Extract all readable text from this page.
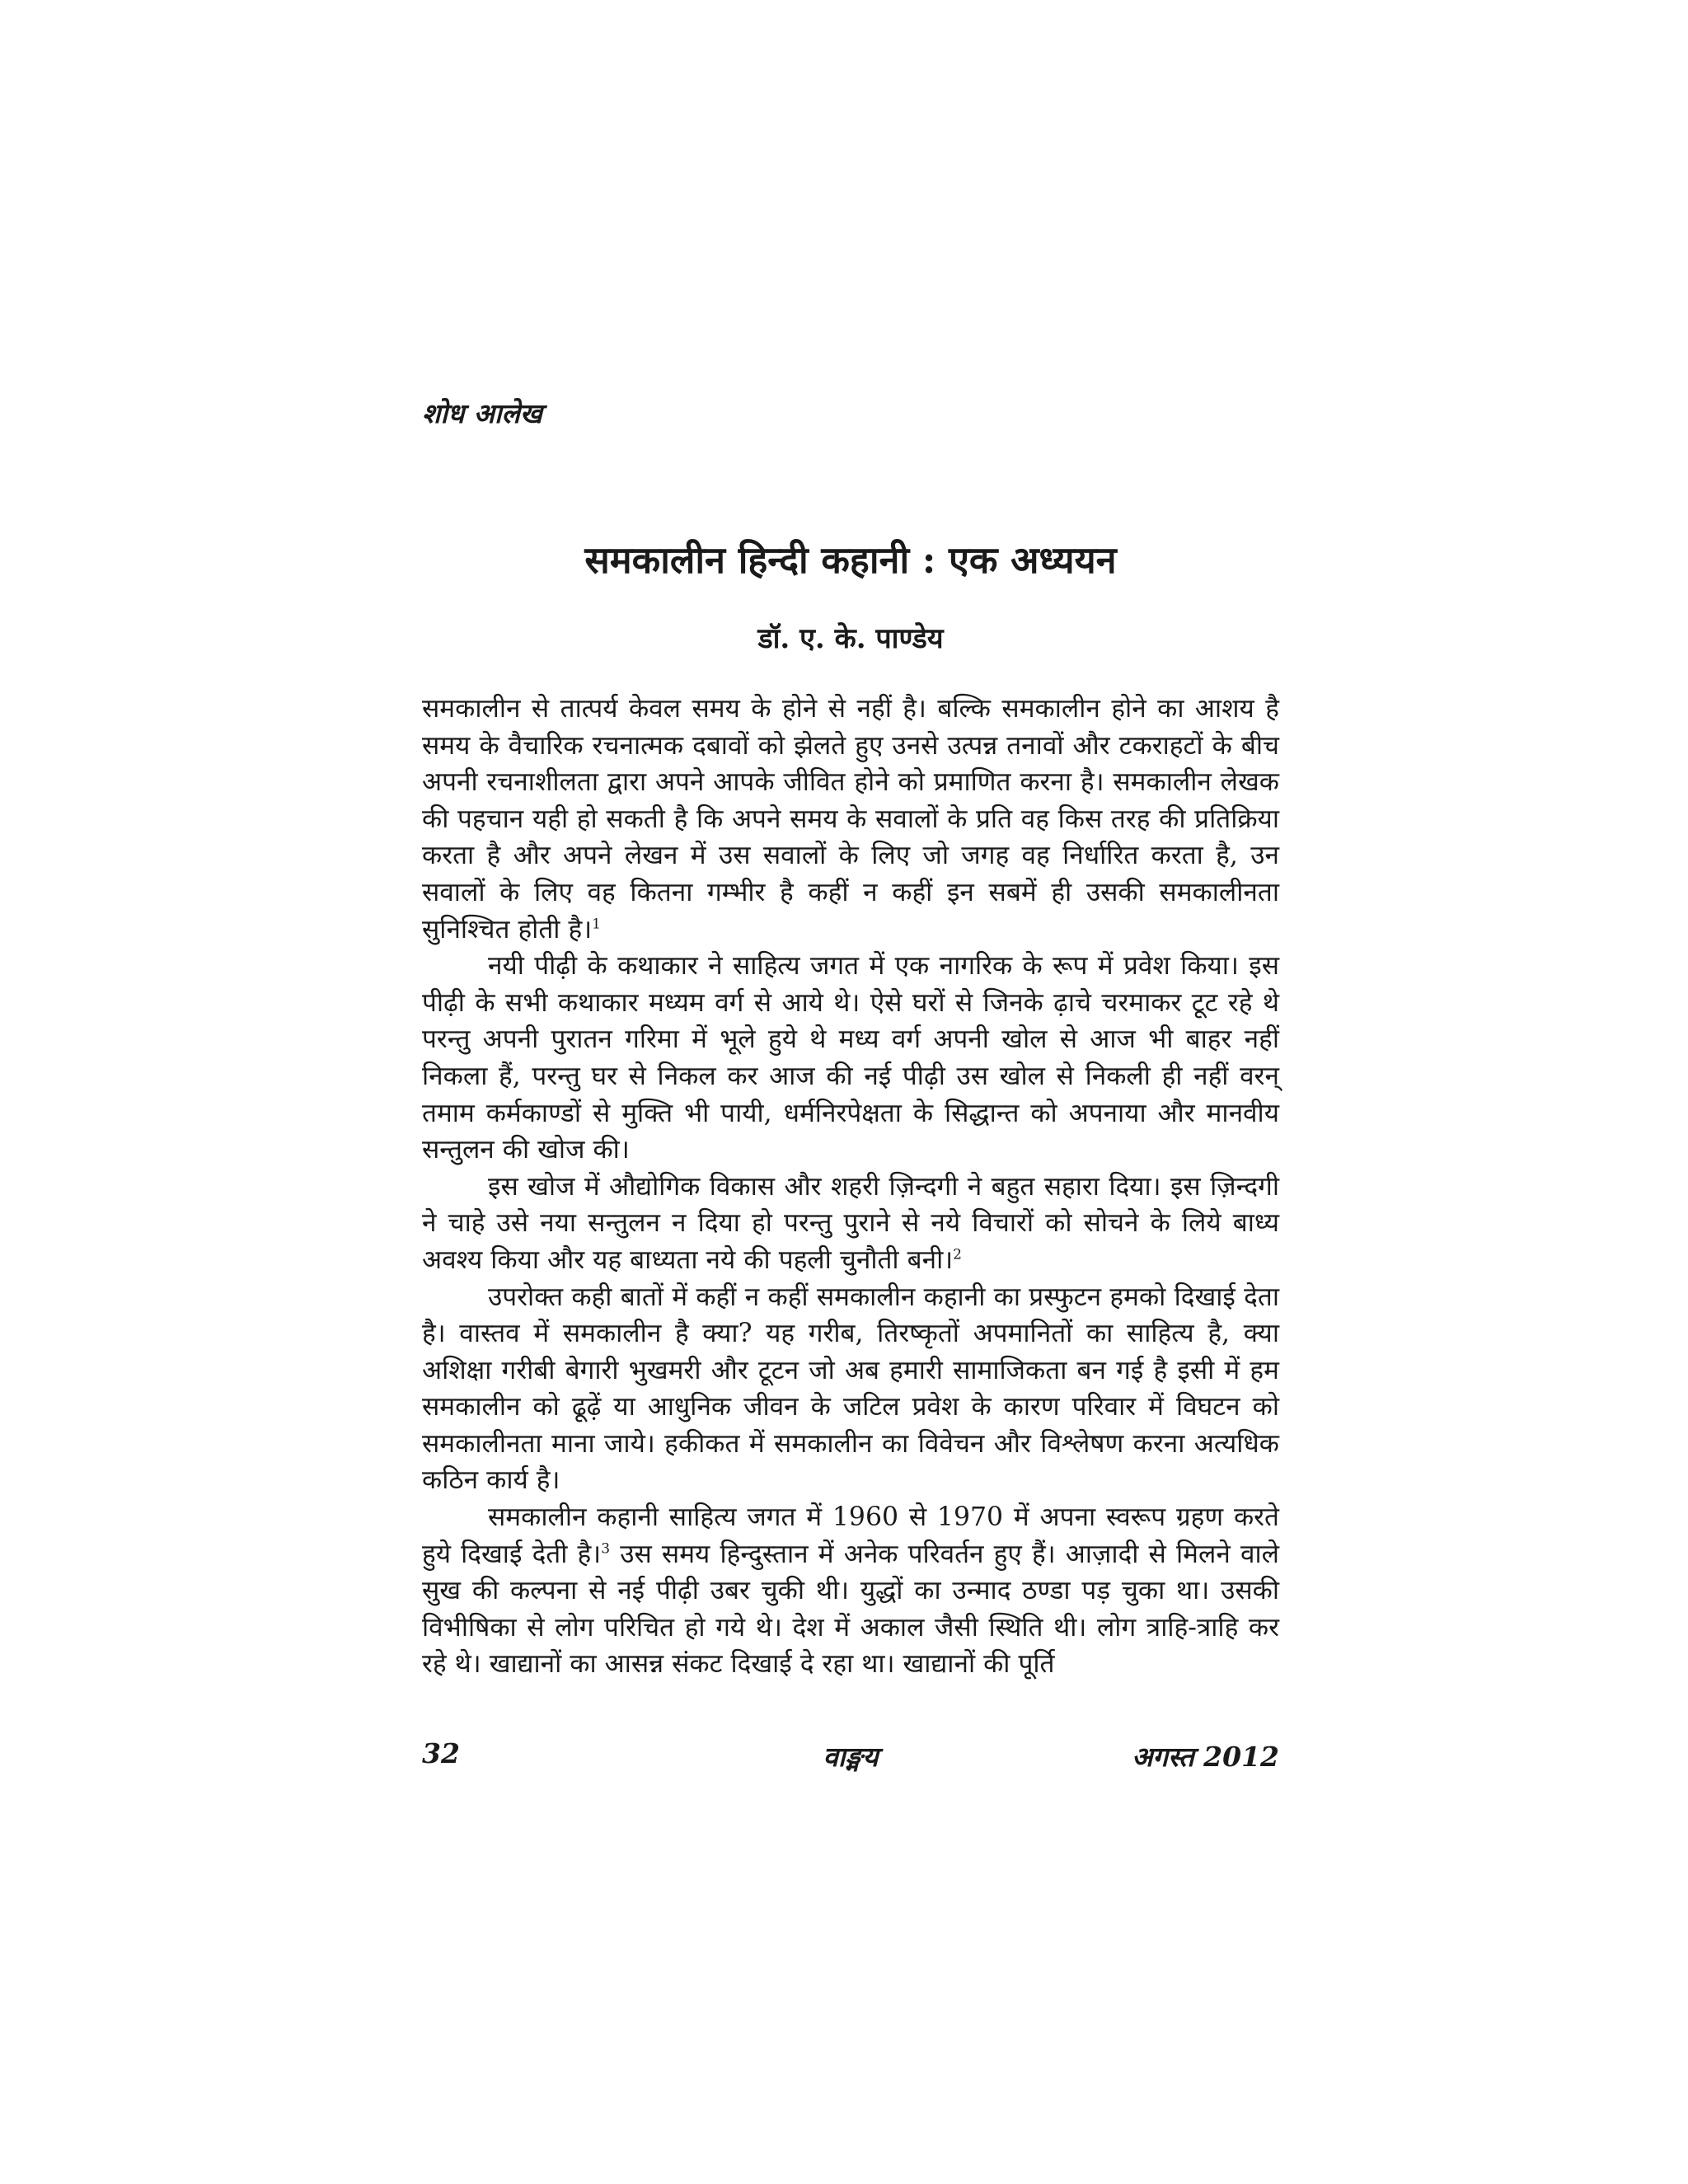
शोध आलेख
समकालीन हिन्दी कहानी : एक अध्ययन
डॉ. ए. के. पाण्डेय

समकालीन से तात्पर्य केवल समय के होने से नहीं है। बल्कि समकालीन होने का आशय है समय के वैचारिक रचनात्मक दबावों को झेलते हुए उनसे उत्पन्न तनावों और टकराहटों के बीच अपनी रचनाशीलता द्वारा अपने आपके जीवित होने को प्रमाणित करना है। समकालीन लेखक की पहचान यही हो सकती है कि अपने समय के सवालों के प्रति वह किस तरह की प्रतिक्रिया करता है और अपने लेखन में उस सवालों के लिए जो जगह वह निर्धारित करता है, उन सवालों के लिए वह कितना गम्भीर है कहीं न कहीं इन सबमें ही उसकी समकालीनता सुनिश्चित होती है।$^1$

नयी पीढ़ी के कथाकार ने साहित्य जगत में एक नागरिक के रूप में प्रवेश किया। इस पीढ़ी के सभी कथाकार मध्यम वर्ग से आये थे। ऐसे घरों से जिनके ढ़ाचे चरमाकर टूट रहे थे परन्तु अपनी पुरातन गरिमा में भूले हुये थे मध्य वर्ग अपनी खोल से आज भी बाहर नहीं निकला हैं, परन्तु घर से निकल कर आज की नई पीढ़ी उस खोल से निकली ही नहीं वरन् तमाम कर्मकाण्डों से मुक्ति भी पायी, धर्मनिरपेक्षता के सिद्धान्त को अपनाया और मानवीय सन्तुलन की खोज की।

इस खोज में औद्योगिक विकास और शहरी ज़िन्दगी ने बहुत सहारा दिया। इस ज़िन्दगी ने चाहे उसे नया सन्तुलन न दिया हो परन्तु पुराने से नये विचारों को सोचने के लिये बाध्य अवश्य किया और यह बाध्यता नये की पहली चुनौती बनी।$^2$

उपरोक्त कही बातों में कहीं न कहीं समकालीन कहानी का प्रस्फुटन हमको दिखाई देता है। वास्तव में समकालीन है क्या? यह गरीब, तिरष्कृतों अपमानितों का साहित्य है, क्या अशिक्षा गरीबी बेगारी भुखमरी और टूटन जो अब हमारी सामाजिकता बन गई है इसी में हम समकालीन को ढूढ़ें या आधुनिक जीवन के जटिल प्रवेश के कारण परिवार में विघटन को समकालीनता माना जाये। हकीकत में समकालीन का विवेचन और विश्लेषण करना अत्यधिक कठिन कार्य है।

समकालीन कहानी साहित्य जगत में 1960 से 1970 में अपना स्वरूप ग्रहण करते हुये दिखाई देती है।$^3$ उस समय हिन्दुस्तान में अनेक परिवर्तन हुए हैं। आज़ादी से मिलने वाले सुख की कल्पना से नई पीढ़ी उबर चुकी थी। युद्धों का उन्माद ठण्डा पड़ चुका था। उसकी विभीषिका से लोग परिचित हो गये थे। देश में अकाल जैसी स्थिति थी। लोग त्राहि-त्राहि कर रहे थे। खाद्यानों का आसन्न संकट दिखाई दे रहा था। खाद्यानों की पूर्ति

32	वाङ्मय	अगस्त 2012
